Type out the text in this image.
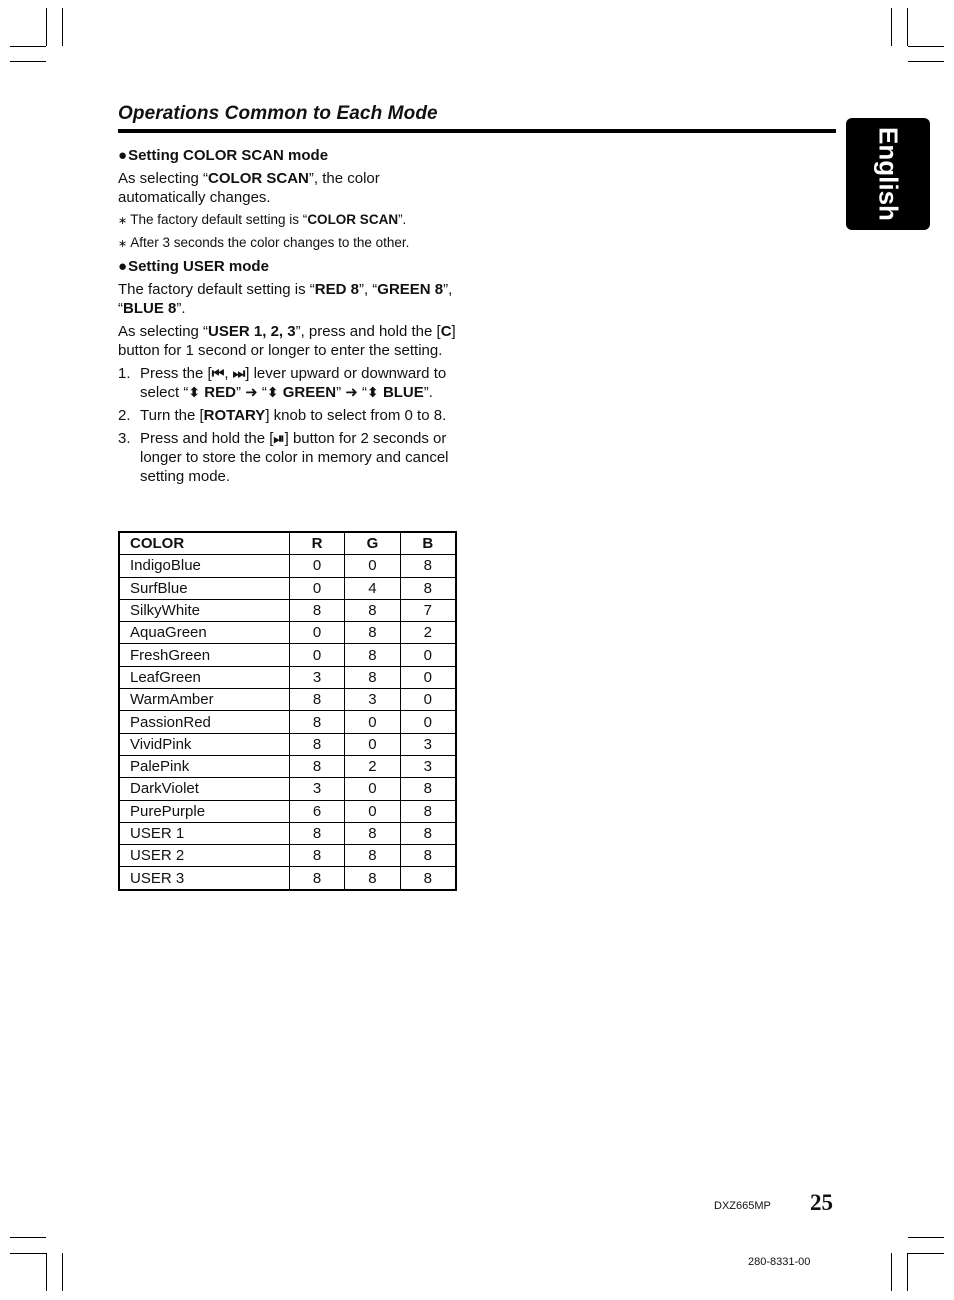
Operations Common to Each Mode
English

●Setting COLOR SCAN mode

As selecting “COLOR SCAN”, the color automatically changes.

∗ The factory default setting is “COLOR SCAN”.

∗ After 3 seconds the color changes to the other.

●Setting USER mode

The factory default setting is “RED 8”, “GREEN 8”, “BLUE 8”.

As selecting “USER 1, 2, 3”, press and hold the [C] button for 1 second or longer to enter the setting.

1. Press the [⏮, ⏭] lever upward or downward to select “⬍ RED” ➜ “⬍ GREEN” ➜ “⬍ BLUE”.

2. Turn the [ROTARY] knob to select from 0 to 8.

3. Press and hold the [⏯] button for 2 seconds or longer to store the color in memory and cancel setting mode.

COLOR	R	G	B
IndigoBlue	0	0	8
SurfBlue	0	4	8
SilkyWhite	8	8	7
AquaGreen	0	8	2
FreshGreen	0	8	0
LeafGreen	3	8	0
WarmAmber	8	3	0
PassionRed	8	0	0
VividPink	8	0	3
PalePink	8	2	3
DarkViolet	3	0	8
PurePurple	6	0	8
USER 1	8	8	8
USER 2	8	8	8
USER 3	8	8	8
DXZ665MP 25
280-8331-00
